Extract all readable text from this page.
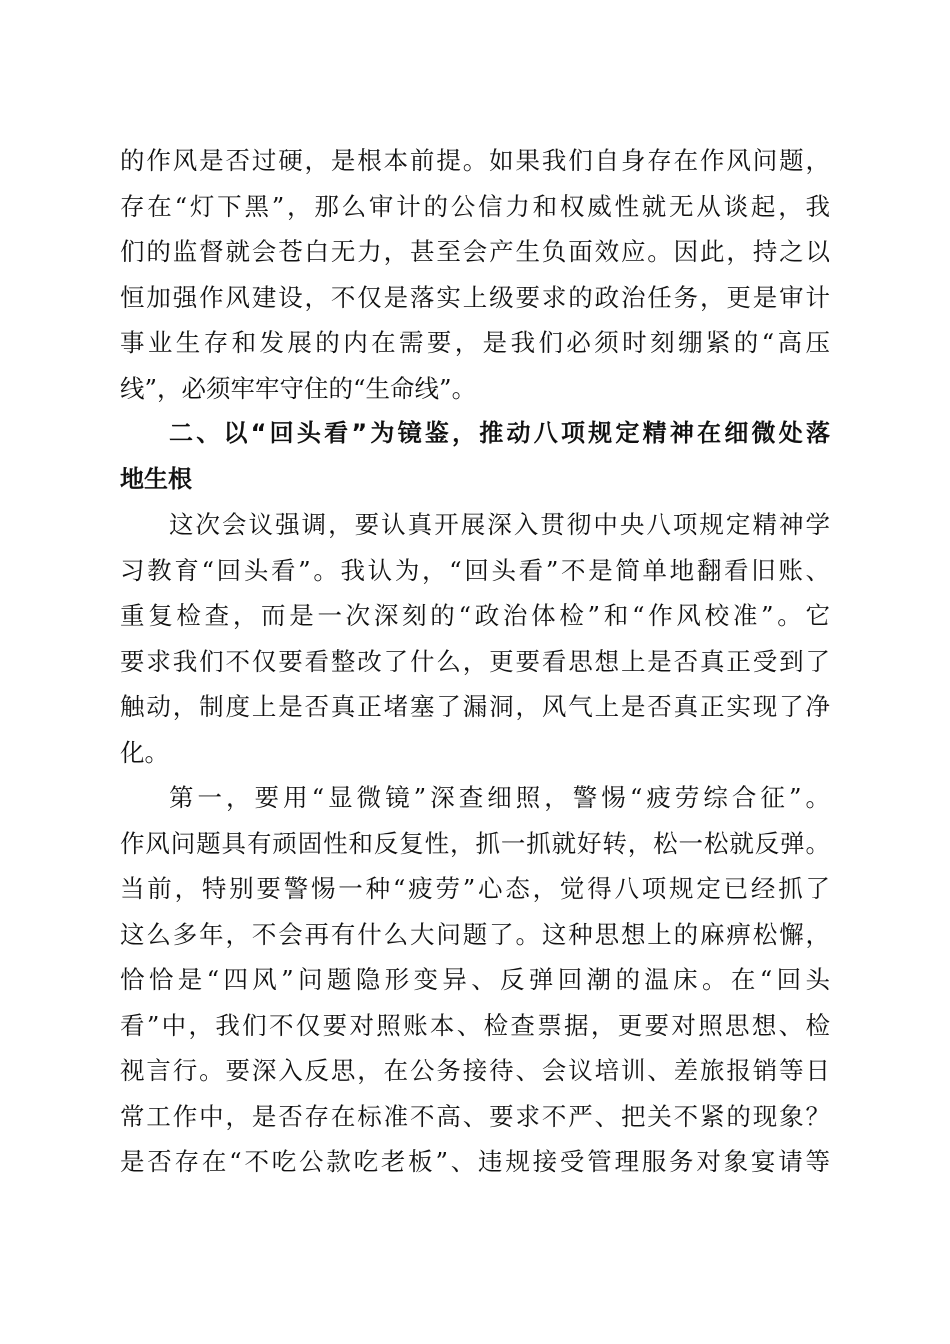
的作风是否过硬，是根本前提。如果我们自身存在作风问题，
存在“灯下黑”，那么审计的公信力和权威性就无从谈起，我
们的监督就会苍白无力，甚至会产生负面效应。因此，持之以
恒加强作风建设，不仅是落实上级要求的政治任务，更是审计
事业生存和发展的内在需要，是我们必须时刻绷紧的“高压
线”，必须牢牢守住的“生命线”。
二、以“回头看”为镜鉴，推动八项规定精神在细微处落
地生根
这次会议强调，要认真开展深入贯彻中央八项规定精神学
习教育“回头看”。我认为，“回头看”不是简单地翻看旧账、
重复检查，而是一次深刻的“政治体检”和“作风校准”。它
要求我们不仅要看整改了什么，更要看思想上是否真正受到了
触动，制度上是否真正堵塞了漏洞，风气上是否真正实现了净
化。
第一，要用“显微镜”深查细照，警惕“疲劳综合征”。
作风问题具有顽固性和反复性，抓一抓就好转，松一松就反弹。
当前，特别要警惕一种“疲劳”心态，觉得八项规定已经抓了
这么多年，不会再有什么大问题了。这种思想上的麻痹松懈，
恰恰是“四风”问题隐形变异、反弹回潮的温床。在“回头
看”中，我们不仅要对照账本、检查票据，更要对照思想、检
视言行。要深入反思，在公务接待、会议培训、差旅报销等日
常工作中，是否存在标准不高、要求不严、把关不紧的现象？
是否存在“不吃公款吃老板”、违规接受管理服务对象宴请等
